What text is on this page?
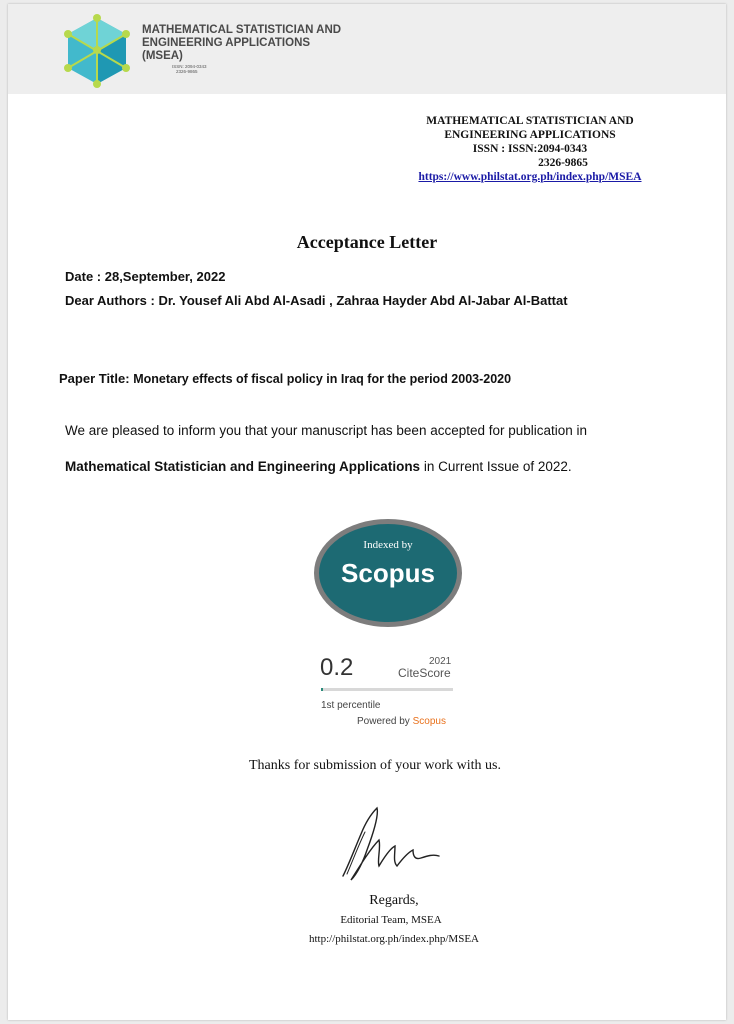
MATHEMATICAL STATISTICIAN AND
ENGINEERING APPLICATIONS
(MSEA)
ISSN: 2094-0343
2326-9865
MATHEMATICAL STATISTICIAN AND
ENGINEERING APPLICATIONS
ISSN : ISSN:2094-0343
2326-9865
https://www.philstat.org.ph/index.php/MSEA
Acceptance Letter
Date : 28,September, 2022
Dear Authors : Dr. Yousef Ali Abd Al-Asadi , Zahraa Hayder Abd Al-Jabar Al-Battat
Paper Title: Monetary effects of fiscal policy in Iraq for the period 2003-2020
We are pleased to inform you that your manuscript has been accepted for publication in
Mathematical Statistician and Engineering Applications in Current Issue of 2022.
Indexed by
Scopus
0.2	2021
CiteScore
1st percentile
Powered by Scopus
Thanks for submission of your work with us.
Regards,
Editorial Team, MSEA
http://philstat.org.ph/index.php/MSEA
